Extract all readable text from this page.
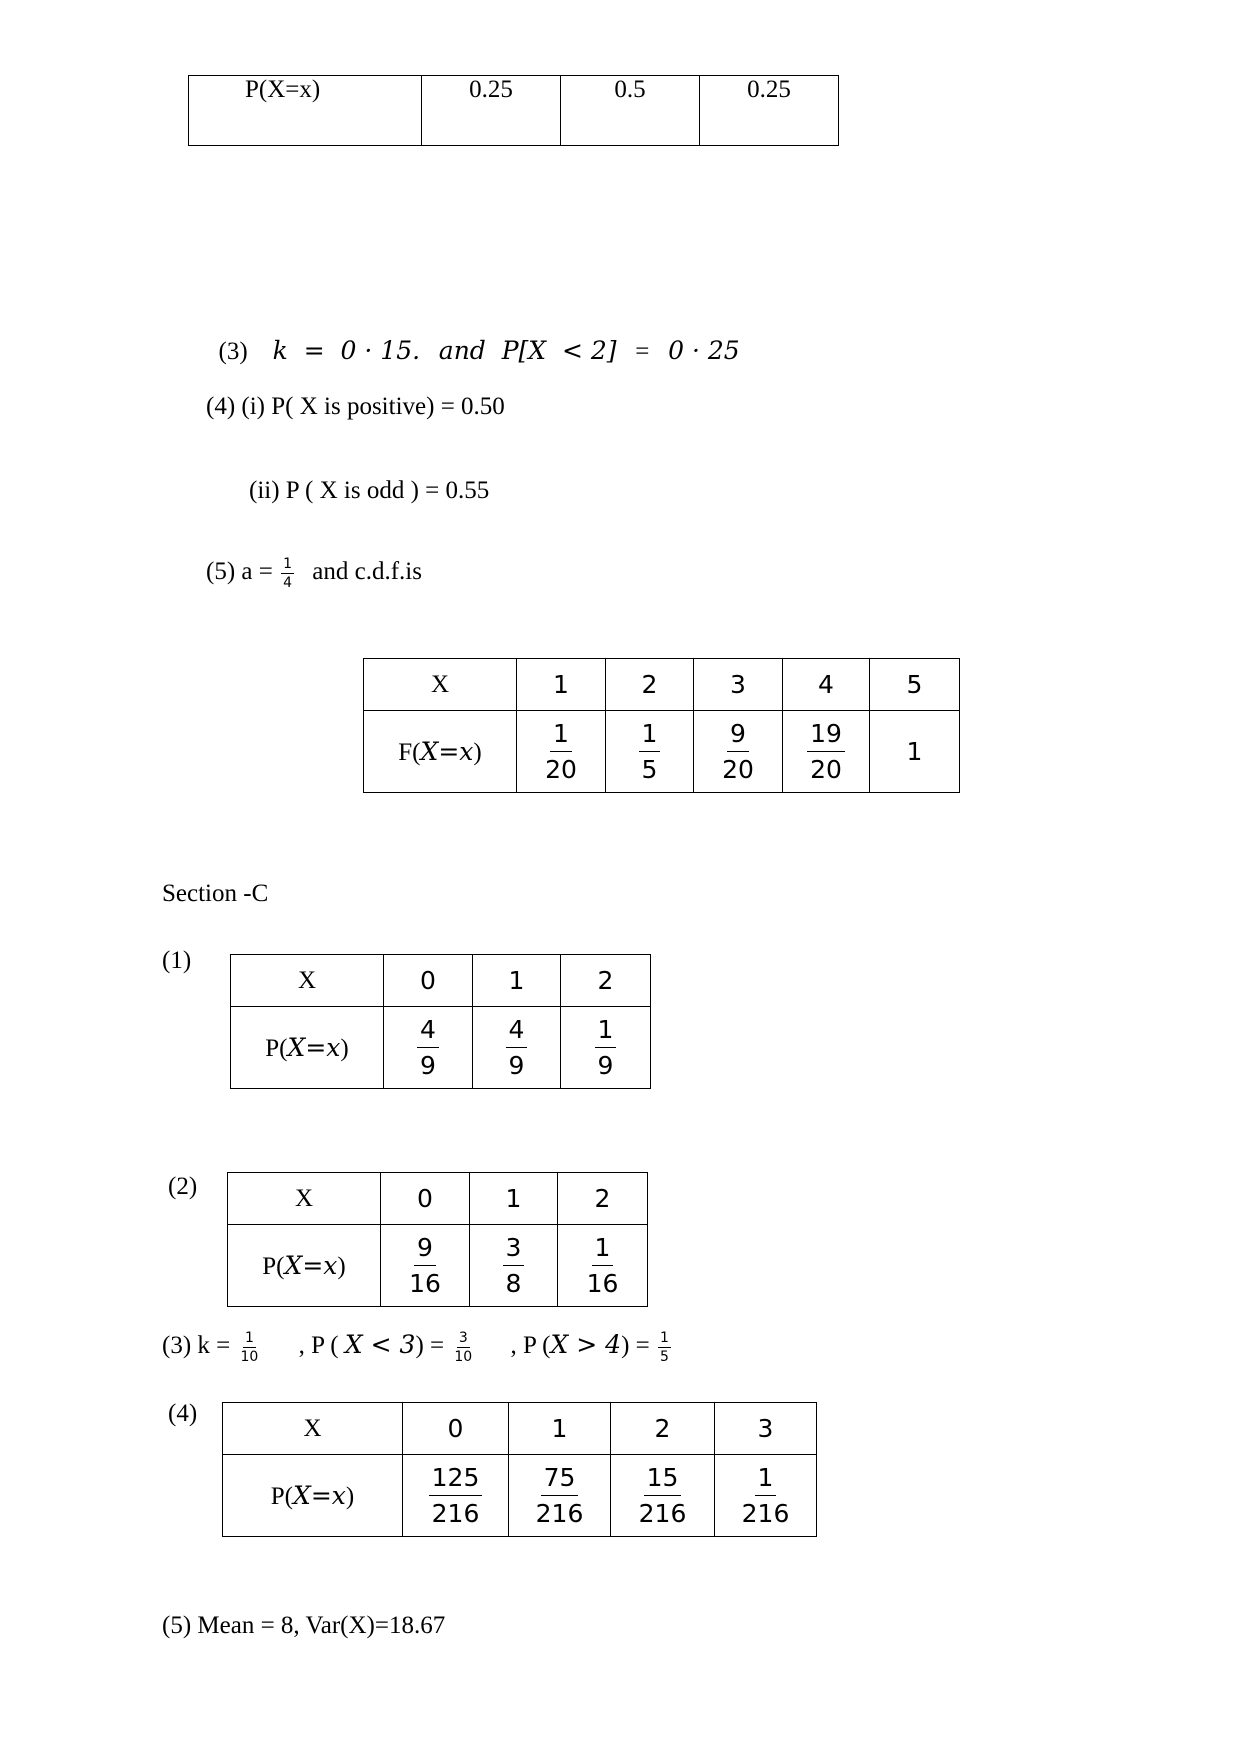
P(X=x)	0.25	0.5	0.25

(3) k  =  0 · 15. and  P[X  < 2] = 0 · 25

(4) (i) P( X is positive) = 0.50
(ii) P ( X is odd ) = 0.55
(5) $a = \frac{1}{4}$ and c.d.f.is
X	1	2	3	4	5
F(X=x)	$\frac{1}{20}$	$\frac{1}{5}$	$\frac{9}{20}$	$\frac{19}{20}$	1
Section -C
(1)
X	0	1	2
P(X=x)	$\frac{4}{9}$	$\frac{4}{9}$	$\frac{1}{9}$
(2)	X	0	1	2
P(X=x)	$\frac{9}{16}$	$\frac{3}{8}$	$\frac{1}{16}$
(3) $k = \frac{1}{10}$ , P ( $X < 3) = \frac{3}{10}$ , P $(X > 4) = \frac{1}{5}$
(4)
X	0	1	2	3
P(X=x)	$\frac{125}{216}$	$\frac{75}{216}$	$\frac{15}{216}$	$\frac{1}{216}$
(5) Mean = 8, Var(X)=18.67
